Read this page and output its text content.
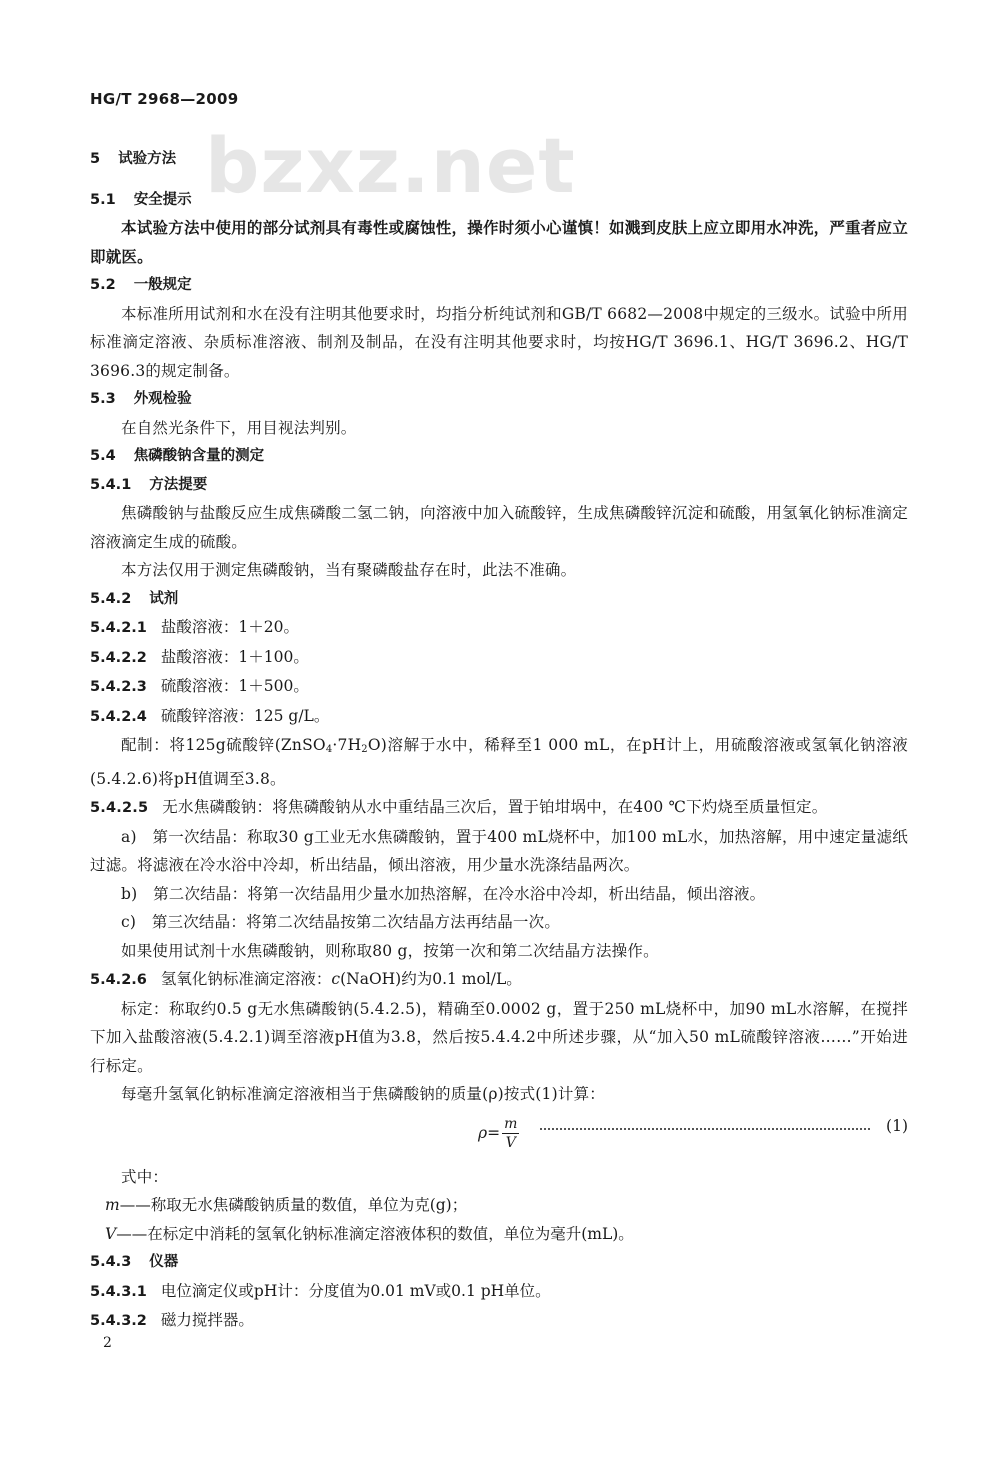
HG/T 2968—2009
bzxz.net
5 试验方法
5.1 安全提示
本试验方法中使用的部分试剂具有毒性或腐蚀性，操作时须小心谨慎！如溅到皮肤上应立即用水冲洗，严重者应立即就医。
5.2 一般规定
本标准所用试剂和水在没有注明其他要求时，均指分析纯试剂和GB/T 6682—2008中规定的三级水。试验中所用标准滴定溶液、杂质标准溶液、制剂及制品，在没有注明其他要求时，均按HG/T 3696.1、HG/T 3696.2、HG/T 3696.3的规定制备。
5.3 外观检验
在自然光条件下，用目视法判别。
5.4 焦磷酸钠含量的测定
5.4.1 方法提要
焦磷酸钠与盐酸反应生成焦磷酸二氢二钠，向溶液中加入硫酸锌，生成焦磷酸锌沉淀和硫酸，用氢氧化钠标准滴定溶液滴定生成的硫酸。
本方法仅用于测定焦磷酸钠，当有聚磷酸盐存在时，此法不准确。
5.4.2 试剂
5.4.2.1 盐酸溶液：1＋20。
5.4.2.2 盐酸溶液：1＋100。
5.4.2.3 硫酸溶液：1＋500。
5.4.2.4 硫酸锌溶液：125 g/L。
配制：将125g硫酸锌$(ZnSO_4\cdot 7H_2O)$溶解于水中，稀释至1 000 mL，在pH计上，用硫酸溶液或氢氧化钠溶液(5.4.2.6)将pH值调至3.8。
5.4.2.5 无水焦磷酸钠：将焦磷酸钠从水中重结晶三次后，置于铂坩埚中，在400 ℃下灼烧至质量恒定。
a)　第一次结晶：称取30 g工业无水焦磷酸钠，置于400 mL烧杯中，加100 mL水，加热溶解，用中速定量滤纸过滤。将滤液在冷水浴中冷却，析出结晶，倾出溶液，用少量水洗涤结晶两次。
b)　第二次结晶：将第一次结晶用少量水加热溶解，在冷水浴中冷却，析出结晶，倾出溶液。
c)　第三次结晶：将第二次结晶按第二次结晶方法再结晶一次。
如果使用试剂十水焦磷酸钠，则称取80 g，按第一次和第二次结晶方法操作。
5.4.2.6 氢氧化钠标准滴定溶液：c(NaOH)约为0.1 mol/L。
标定：称取约0.5 g无水焦磷酸钠(5.4.2.5)，精确至0.0002 g，置于250 mL烧杯中，加90 mL水溶解，在搅拌下加入盐酸溶液(5.4.2.1)调至溶液pH值为3.8，然后按5.4.4.2中所述步骤，从“加入50 mL硫酸锌溶液……”开始进行标定。
每毫升氢氧化钠标准滴定溶液相当于焦磷酸钠的质量(ρ)按式(1)计算：
$\rho= \frac{m}{V}$	(1)
式中：
m——称取无水焦磷酸钠质量的数值，单位为克(g)；
V——在标定中消耗的氢氧化钠标准滴定溶液体积的数值，单位为毫升(mL)。
5.4.3 仪器
5.4.3.1 电位滴定仪或pH计：分度值为0.01 mV或0.1 pH单位。
5.4.3.2 磁力搅拌器。
2
